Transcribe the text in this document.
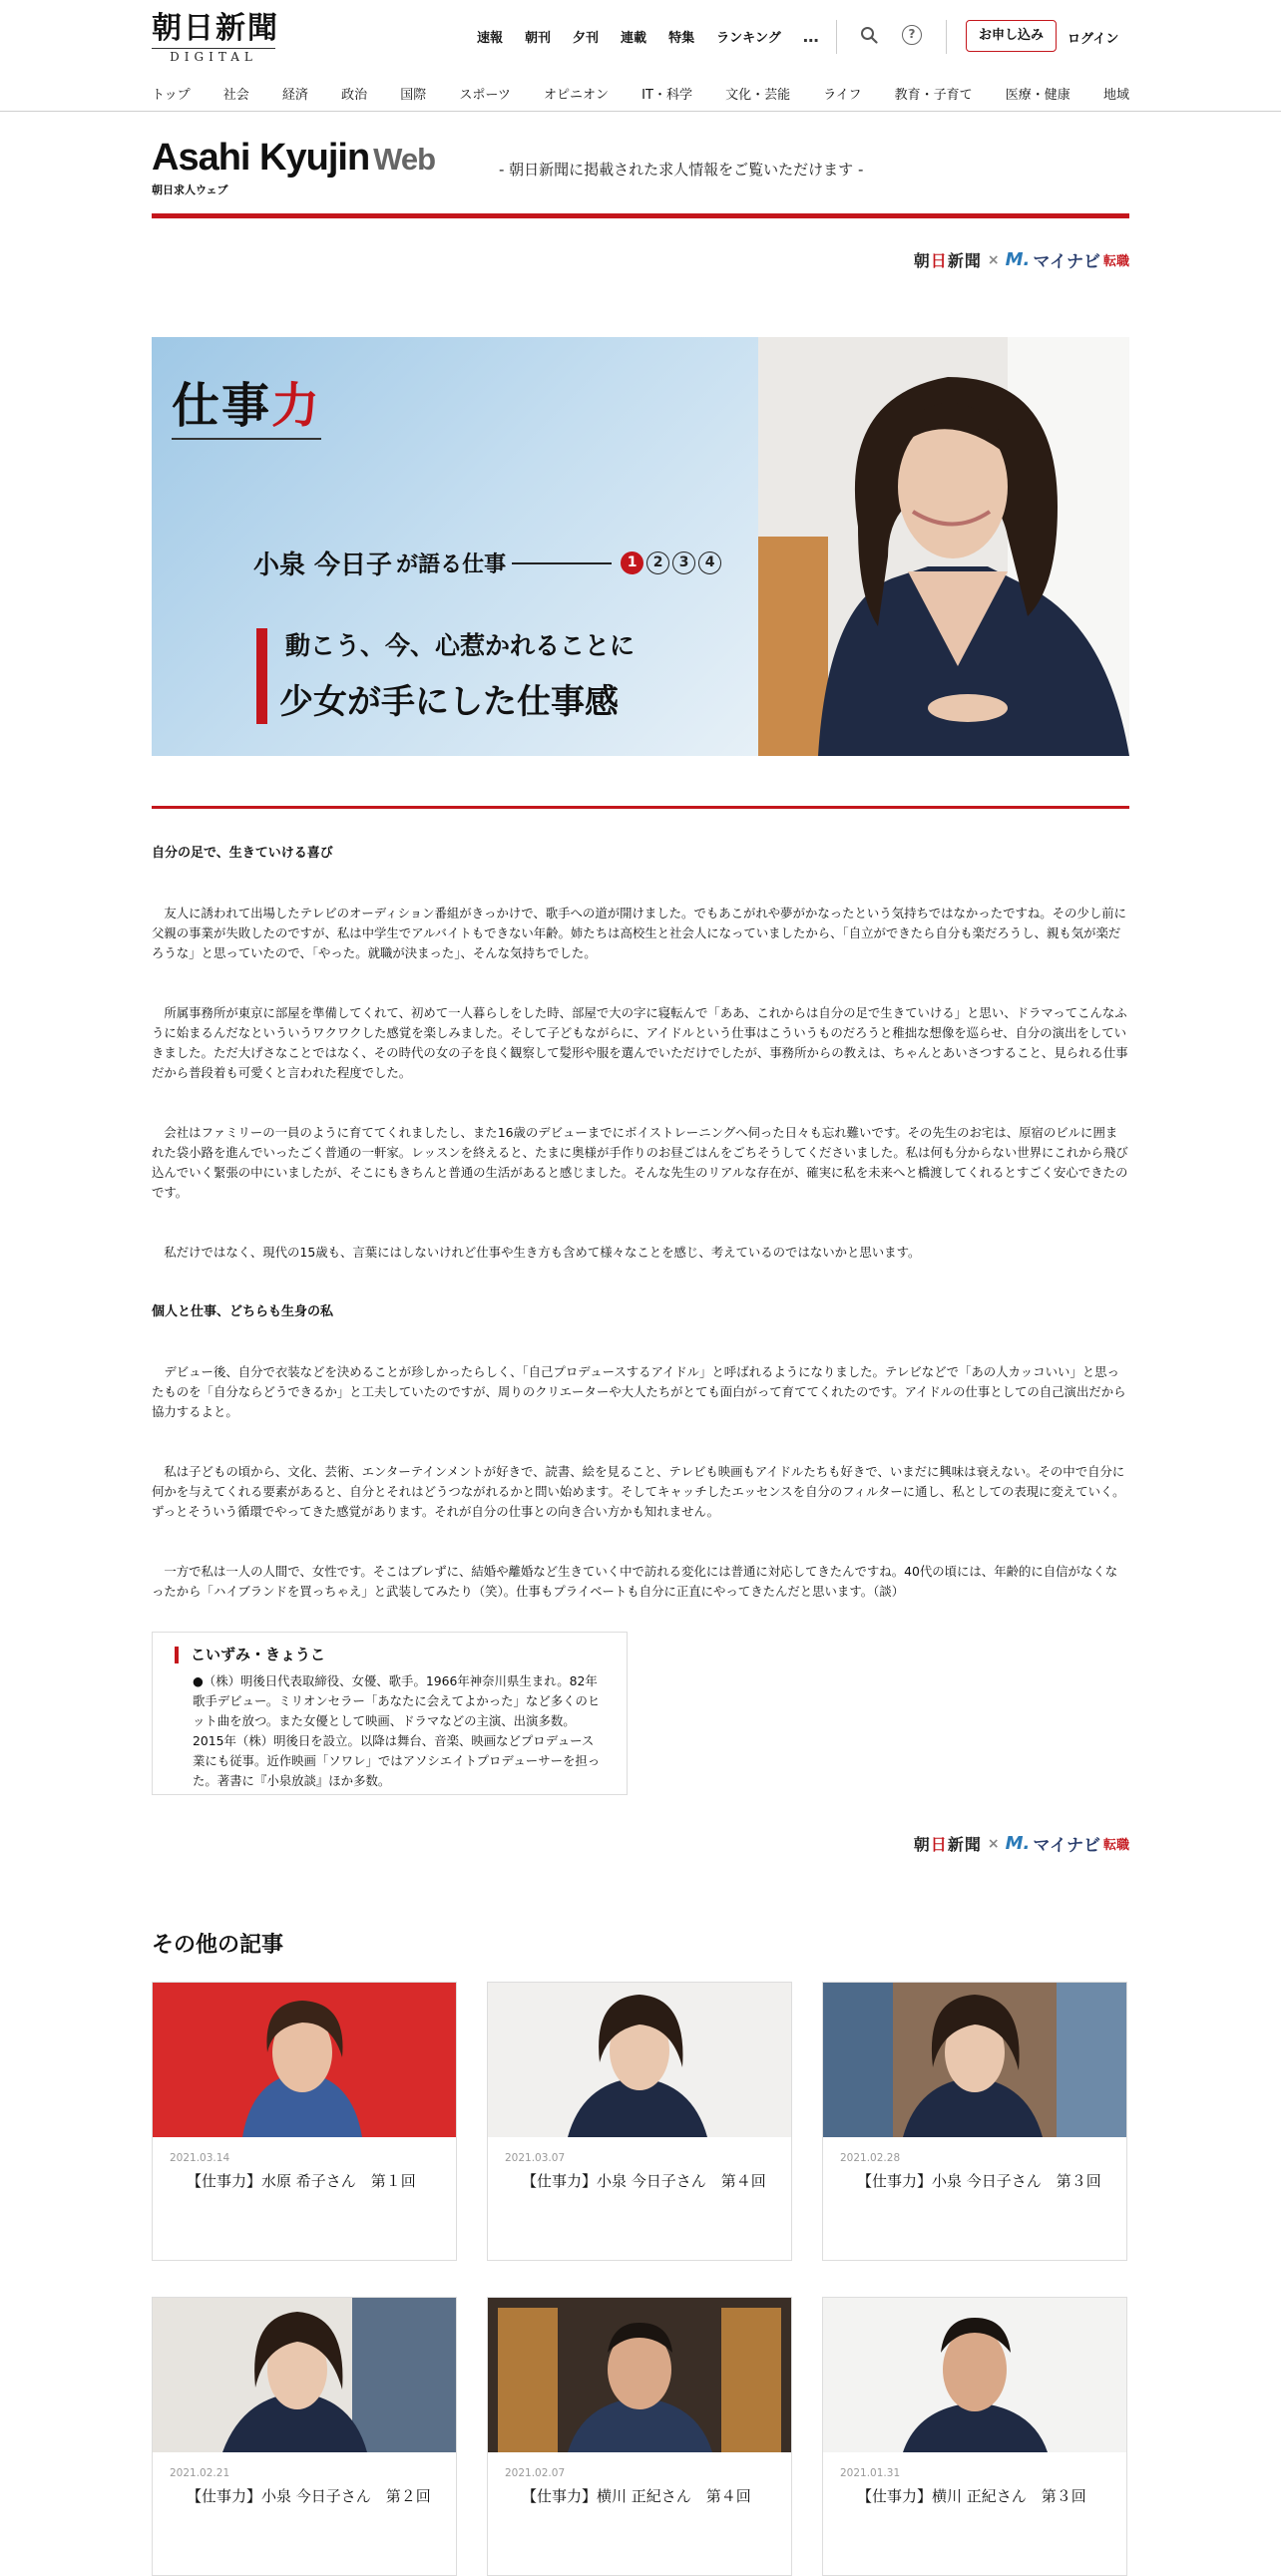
朝日新聞
DIGITAL
速報 朝刊 夕刊 連載 特集 ランキング …	?	お申し込み	ログイン
トップ	社会	経済	政治	国際	スポーツ	オピニオン	IT・科学	文化・芸能	ライフ	教育・子育て	医療・健康	地域
Asahi Kyujin Web
朝日求人ウェブ
- 朝日新聞に掲載された求人情報をご覧いただけます -
朝日新聞 × M. マイナビ 転職
仕事力
小泉 今日子 が語る仕事	1	2	3	4
動こう、今、心惹かれることに
少女が手にした仕事感
自分の足で、生きていける喜び

友人に誘われて出場したテレビのオーディション番組がきっかけで、歌手への道が開けました。でもあこがれや夢がかなったという気持ちではなかったですね。その少し前に父親の事業が失敗したのですが、私は中学生でアルバイトもできない年齢。姉たちは高校生と社会人になっていましたから、「自立ができたら自分も楽だろうし、親も気が楽だろうな」と思っていたので、「やった。就職が決まった」、そんな気持ちでした。

所属事務所が東京に部屋を準備してくれて、初めて一人暮らしをした時、部屋で大の字に寝転んで「ああ、これからは自分の足で生きていける」と思い、ドラマってこんなふうに始まるんだなといういうワクワクした感覚を楽しみました。そして子どもながらに、アイドルという仕事はこういうものだろうと稚拙な想像を巡らせ、自分の演出をしていきました。ただ大げさなことではなく、その時代の女の子を良く観察して髪形や服を選んでいただけでしたが、事務所からの教えは、ちゃんとあいさつすること、見られる仕事だから普段着も可愛くと言われた程度でした。

会社はファミリーの一員のように育ててくれましたし、また16歳のデビューまでにボイストレーニングへ伺った日々も忘れ難いです。その先生のお宅は、原宿のビルに囲まれた袋小路を進んでいったごく普通の一軒家。レッスンを終えると、たまに奥様が手作りのお昼ごはんをごちそうしてくださいました。私は何も分からない世界にこれから飛び込んでいく緊張の中にいましたが、そこにもきちんと普通の生活があると感じました。そんな先生のリアルな存在が、確実に私を未来へと橋渡してくれるとすごく安心できたのです。

私だけではなく、現代の15歳も、言葉にはしないけれど仕事や生き方も含めて様々なことを感じ、考えているのではないかと思います。

個人と仕事、どちらも生身の私

デビュー後、自分で衣装などを決めることが珍しかったらしく、「自己プロデュースするアイドル」と呼ばれるようになりました。テレビなどで「あの人カッコいい」と思ったものを「自分ならどうできるか」と工夫していたのですが、周りのクリエーターや大人たちがとても面白がって育ててくれたのです。アイドルの仕事としての自己演出だから協力するよと。

私は子どもの頃から、文化、芸術、エンターテインメントが好きで、読書、絵を見ること、テレビも映画もアイドルたちも好きで、いまだに興味は衰えない。その中で自分に何かを与えてくれる要素があると、自分とそれはどうつながれるかと問い始めます。そしてキャッチしたエッセンスを自分のフィルターに通し、私としての表現に変えていく。ずっとそういう循環でやってきた感覚があります。それが自分の仕事との向き合い方かも知れません。

一方で私は一人の人間で、女性です。そこはブレずに、結婚や離婚など生きていく中で訪れる変化には普通に対応してきたんですね。40代の頃には、年齢的に自信がなくなったから「ハイブランドを買っちゃえ」と武装してみたり（笑）。仕事もプライベートも自分に正直にやってきたんだと思います。（談）

こいずみ・きょうこ
●（株）明後日代表取締役、女優、歌手。1966年神奈川県生まれ。82年歌手デビュー。ミリオンセラー「あなたに会えてよかった」など多くのヒット曲を放つ。また女優として映画、ドラマなどの主演、出演多数。2015年（株）明後日を設立。以降は舞台、音楽、映画などプロデュース業にも従事。近作映画「ソワレ」ではアソシエイトプロデューサーを担った。著書に『小泉放談』ほか多数。
朝日新聞 × M. マイナビ 転職
その他の記事
2021.03.14
【仕事力】水原 希子さん　第１回
2021.03.07
【仕事力】小泉 今日子さん　第４回
2021.02.28
【仕事力】小泉 今日子さん　第３回
2021.02.21
【仕事力】小泉 今日子さん　第２回
2021.02.07
【仕事力】横川 正紀さん　第４回
2021.01.31
【仕事力】横川 正紀さん　第３回
